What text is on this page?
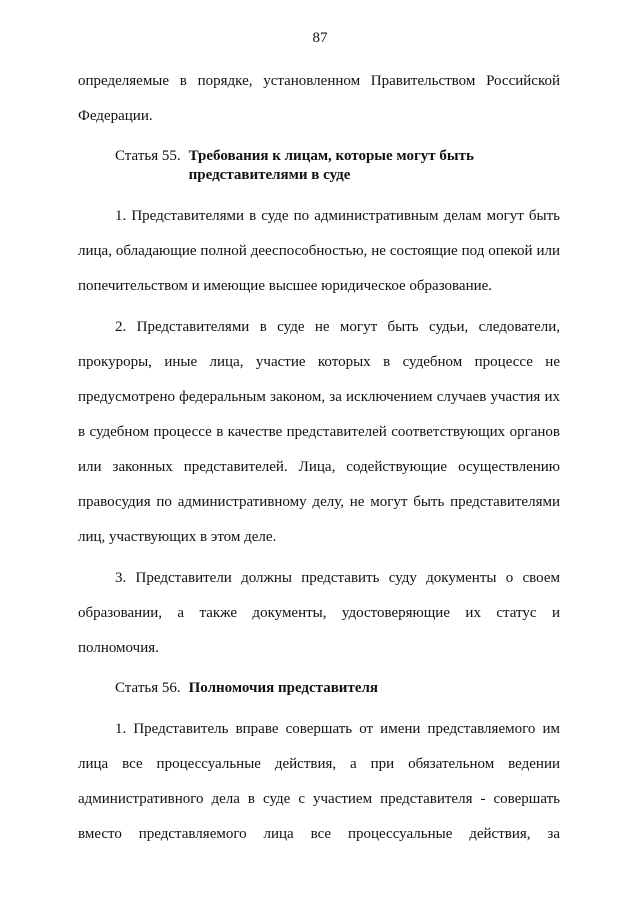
87

определяемые в порядке, установленном Правительством Российской

Федерации.

Статья 55. Требования к лицам, которые могут быть представителями в суде

1. Представителями в суде по административным делам могут быть

лица, обладающие полной дееспособностью, не состоящие под опекой или

попечительством и имеющие высшее юридическое образование.

2. Представителями в суде не могут быть судьи, следователи,

прокуроры, иные лица, участие которых в судебном процессе не

предусмотрено федеральным законом, за исключением случаев участия их

в судебном процессе в качестве представителей соответствующих органов

или законных представителей. Лица, содействующие осуществлению

правосудия по административному делу, не могут быть представителями

лиц, участвующих в этом деле.

3. Представители должны представить суду документы о своем

образовании, а также документы, удостоверяющие их статус и

полномочия.

Статья 56. Полномочия представителя

1. Представитель вправе совершать от имени представляемого им

лица все процессуальные действия, а при обязательном ведении

административного дела в суде с участием представителя - совершать

вместо представляемого лица все процессуальные действия, за
